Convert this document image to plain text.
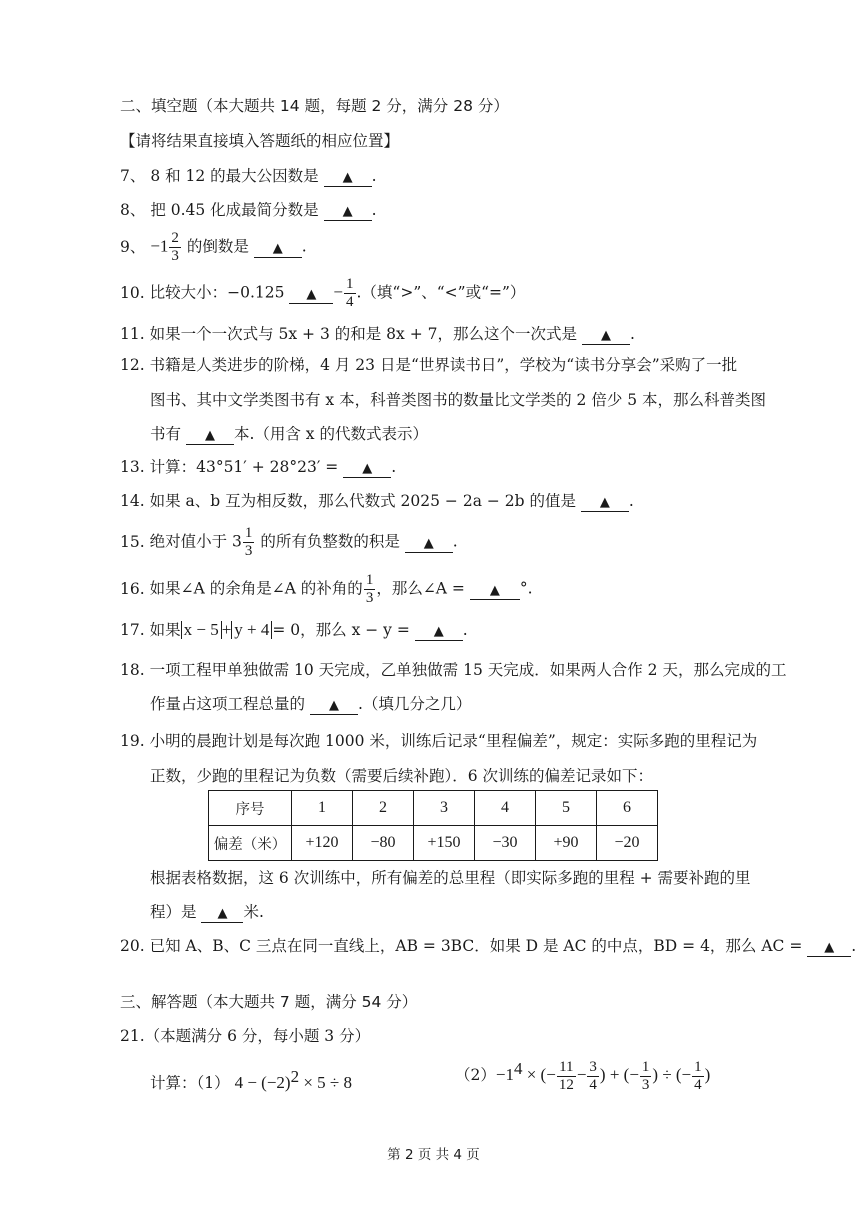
二、填空题（本大题共 14 题，每题 2 分，满分 28 分）
【请将结果直接填入答题纸的相应位置】
7、 8 和 12 的最大公因数是 ▲ .
8、 把 0.45 化成最简分数是 ▲ .
9、 $-1 \frac{2}{3}$ 的倒数是 ▲ .
10. 比较大小：−0.125 ▲ − $\frac{1}{4}$ .（填“>”、“<”或“=”）
11. 如果一个一次式与 5x + 3 的和是 8x + 7，那么这个一次式是 ▲ .
12. 书籍是人类进步的阶梯，4 月 23 日是“世界读书日”，学校为“读书分享会”采购了一批
图书、其中文学类图书有 x 本，科普类图书的数量比文学类的 2 倍少 5 本，那么科普类图
书有 ▲ 本.（用含 x 的代数式表示）
13. 计算：43°51′ + 28°23′ = ▲ .
14. 如果 a、b 互为相反数，那么代数式 2025 − 2a − 2b 的值是 ▲ .
15. 绝对值小于 $3 \frac{1}{3}$ 的所有负整数的积是 ▲ .
16. 如果∠A 的余角是∠A 的补角的 $\frac{1}{3}$ ，那么∠A = ▲ °.
17. 如果 x − 5 + y + 4 = 0，那么 x − y = ▲ .
18. 一项工程甲单独做需 10 天完成，乙单独做需 15 天完成．如果两人合作 2 天，那么完成的工
作量占这项工程总量的 ▲ .（填几分之几）
19. 小明的晨跑计划是每次跑 1000 米，训练后记录“里程偏差”，规定：实际多跑的里程记为
正数，少跑的里程记为负数（需要后续补跑）．6 次训练的偏差记录如下：
序号	1	2	3	4	5	6
偏差（米）	+120	−80	+150	−30	+90	−20
根据表格数据，这 6 次训练中，所有偏差的总里程（即实际多跑的里程 + 需要补跑的里
程）是 ▲ 米.
20. 已知 A、B、C 三点在同一直线上，AB = 3BC．如果 D 是 AC 的中点，BD = 4，那么 AC = ▲ .
三、解答题（本大题共 7 题，满分 54 分）
21.（本题满分 6 分，每小题 3 分）
计算：（1） $4 - (-2)^2 \times 5 \div 8$	$(2)-1^4$ × (− $\frac{11}{12} - \frac{3}{4}$ ) + (− $\frac{1}{3}$ ) ÷ (− $\frac{1}{4}$ )
第 2 页 共 4 页
